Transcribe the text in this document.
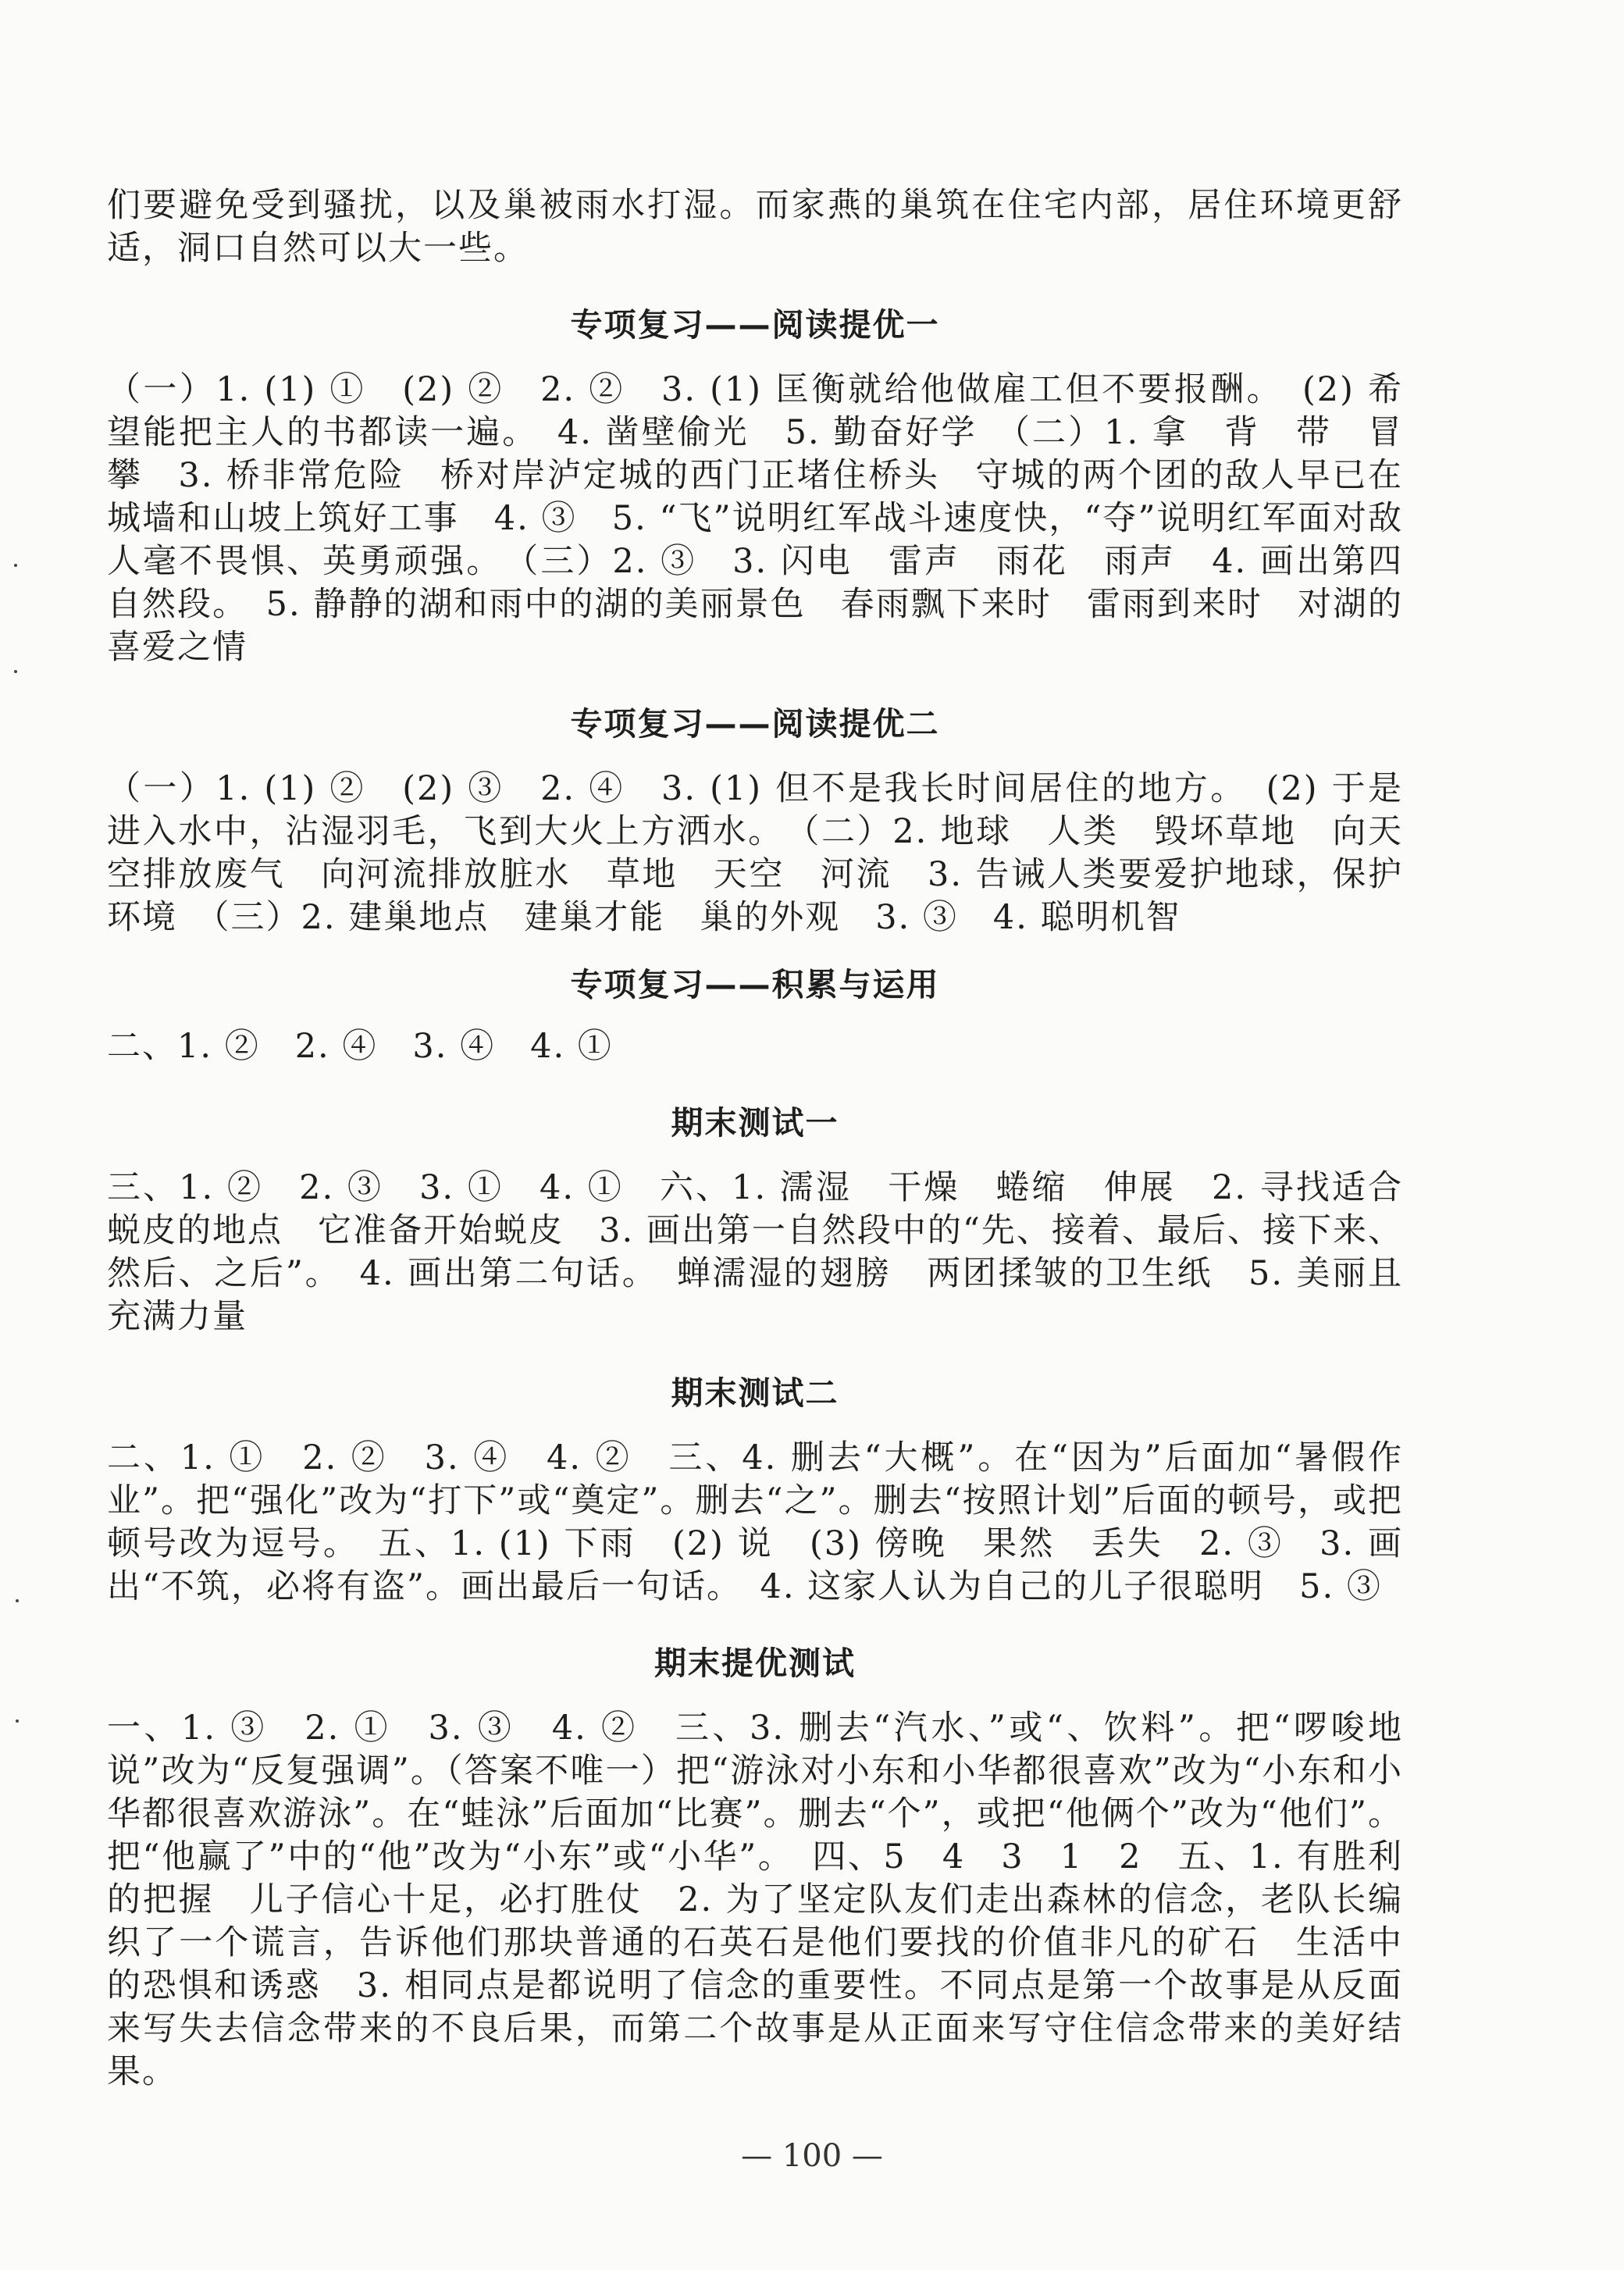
们要避免受到骚扰，以及巢被雨水打湿。而家燕的巢筑在住宅内部，居住环境更舒适，洞口自然可以大一些。

专项复习——阅读提优一

（一）1. (1) ①　(2) ②　2. ②　3. (1) 匡衡就给他做雇工但不要报酬。　(2) 希望能把主人的书都读一遍。　4. 凿壁偷光　5. 勤奋好学　（二）1. 拿　背　带　冒　攀　3. 桥非常危险　桥对岸泸定城的西门正堵住桥头　守城的两个团的敌人早已在城墙和山坡上筑好工事　4. ③　5. “飞”说明红军战斗速度快，“夺”说明红军面对敌人毫不畏惧、英勇顽强。　（三）2. ③　3. 闪电　雷声　雨花　雨声　4. 画出第四自然段。　5. 静静的湖和雨中的湖的美丽景色　春雨飘下来时　雷雨到来时　对湖的喜爱之情

专项复习——阅读提优二

（一）1. (1) ②　(2) ③　2. ④　3. (1) 但不是我长时间居住的地方。　(2) 于是进入水中，沾湿羽毛，飞到大火上方洒水。　（二）2. 地球　人类　毁坏草地　向天空排放废气　向河流排放脏水　草地　天空　河流　3. 告诫人类要爱护地球，保护环境　（三）2. 建巢地点　建巢才能　巢的外观　3. ③　4. 聪明机智

专项复习——积累与运用

二、1. ②　2. ④　3. ④　4. ①

期末测试一

三、1. ②　2. ③　3. ①　4. ①　六、1. 濡湿　干燥　蜷缩　伸展　2. 寻找适合蜕皮的地点　它准备开始蜕皮　3. 画出第一自然段中的“先、接着、最后、接下来、然后、之后”。　4. 画出第二句话。　蝉濡湿的翅膀　两团揉皱的卫生纸　5. 美丽且充满力量

期末测试二

二、1. ①　2. ②　3. ④　4. ②　三、4. 删去“大概”。在“因为”后面加“暑假作业”。把“强化”改为“打下”或“奠定”。删去“之”。删去“按照计划”后面的顿号，或把顿号改为逗号。　五、1. (1) 下雨　(2) 说　(3) 傍晚　果然　丢失　2. ③　3. 画出“不筑，必将有盗”。画出最后一句话。　4. 这家人认为自己的儿子很聪明　5. ③

期末提优测试

一、1. ③　2. ①　3. ③　4. ②　三、3. 删去“汽水、”或“、饮料”。把“啰唆地说”改为“反复强调”。（答案不唯一）把“游泳对小东和小华都很喜欢”改为“小东和小华都很喜欢游泳”。在“蛙泳”后面加“比赛”。删去“个”，或把“他俩个”改为“他们”。把“他赢了”中的“他”改为“小东”或“小华”。　四、5　4　3　1　2　五、1. 有胜利的把握　儿子信心十足，必打胜仗　2. 为了坚定队友们走出森林的信念，老队长编织了一个谎言，告诉他们那块普通的石英石是他们要找的价值非凡的矿石　生活中的恐惧和诱惑　3. 相同点是都说明了信念的重要性。不同点是第一个故事是从反面来写失去信念带来的不良后果，而第二个故事是从正面来写守住信念带来的美好结果。

— 100 —
